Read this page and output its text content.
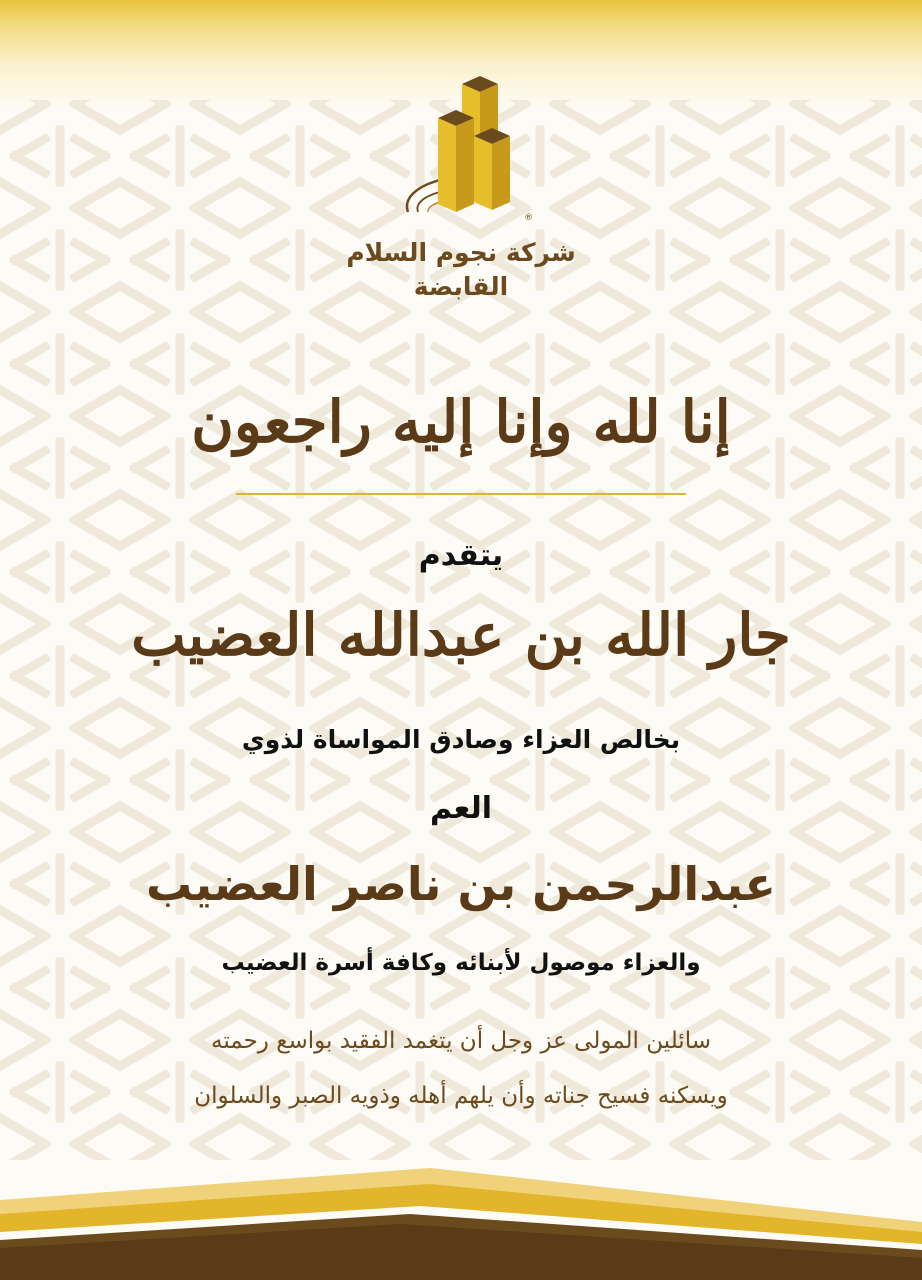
®
شركة نجوم السلام
القابضة
إنا لله وإنا إليه راجعون
يتقدم
جار الله بن عبدالله العضيب
بخالص العزاء وصادق المواساة لذوي
العم
عبدالرحمن بن ناصر العضيب
والعزاء موصول لأبنائه وكافة أسرة العضيب
سائلين المولى عز وجل أن يتغمد الفقيد بواسع رحمته
ويسكنه فسيح جناته وأن يلهم أهله وذويه الصبر والسلوان
